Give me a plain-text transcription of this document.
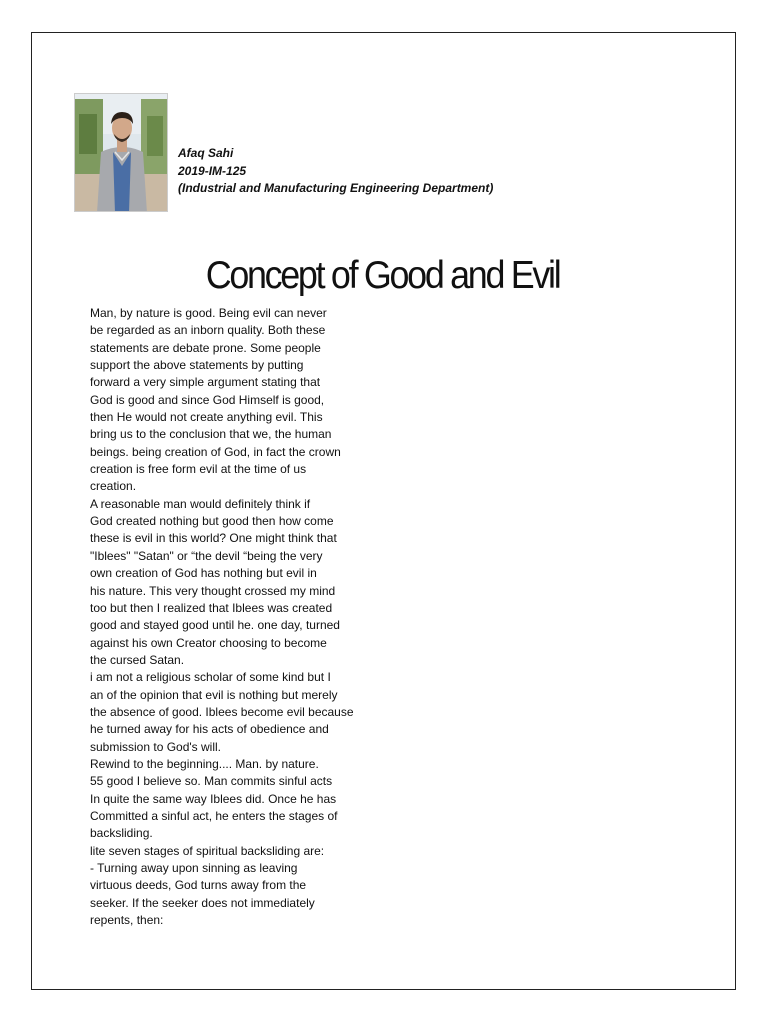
Afaq Sahi
2019-IM-125
(Industrial and Manufacturing Engineering Department)
Concept of Good and Evil
Man, by nature is good. Being evil can never
be regarded as an inborn quality. Both these
statements are debate prone. Some people
support the above statements by putting
forward a very simple argument stating that
God is good and since God Himself is good,
then He would not create anything evil. This
bring us to the conclusion that we, the human
beings. being creation of God, in fact the crown
creation is free form evil at the time of us
creation.
A reasonable man would definitely think if
God created nothing but good then how come
these is evil in this world? One might think that
"Iblees" "Satan" or “the devil “being the very
own creation of God has nothing but evil in
his nature. This very thought crossed my mind
too but then I realized that Iblees was created
good and stayed good until he. one day, turned
against his own Creator choosing to become
the cursed Satan.
i am not a religious scholar of some kind but I
an of the opinion that evil is nothing but merely
the absence of good. Iblees become evil because
he turned away for his acts of obedience and
submission to God's will.
Rewind to the beginning.... Man. by nature.
55 good I believe so. Man commits sinful acts
In quite the same way Iblees did. Once he has
Committed a sinful act, he enters the stages of
backsliding.
lite seven stages of spiritual backsliding are:
- Turning away upon sinning as leaving
virtuous deeds, God turns away from the
seeker. If the seeker does not immediately
repents, then:
